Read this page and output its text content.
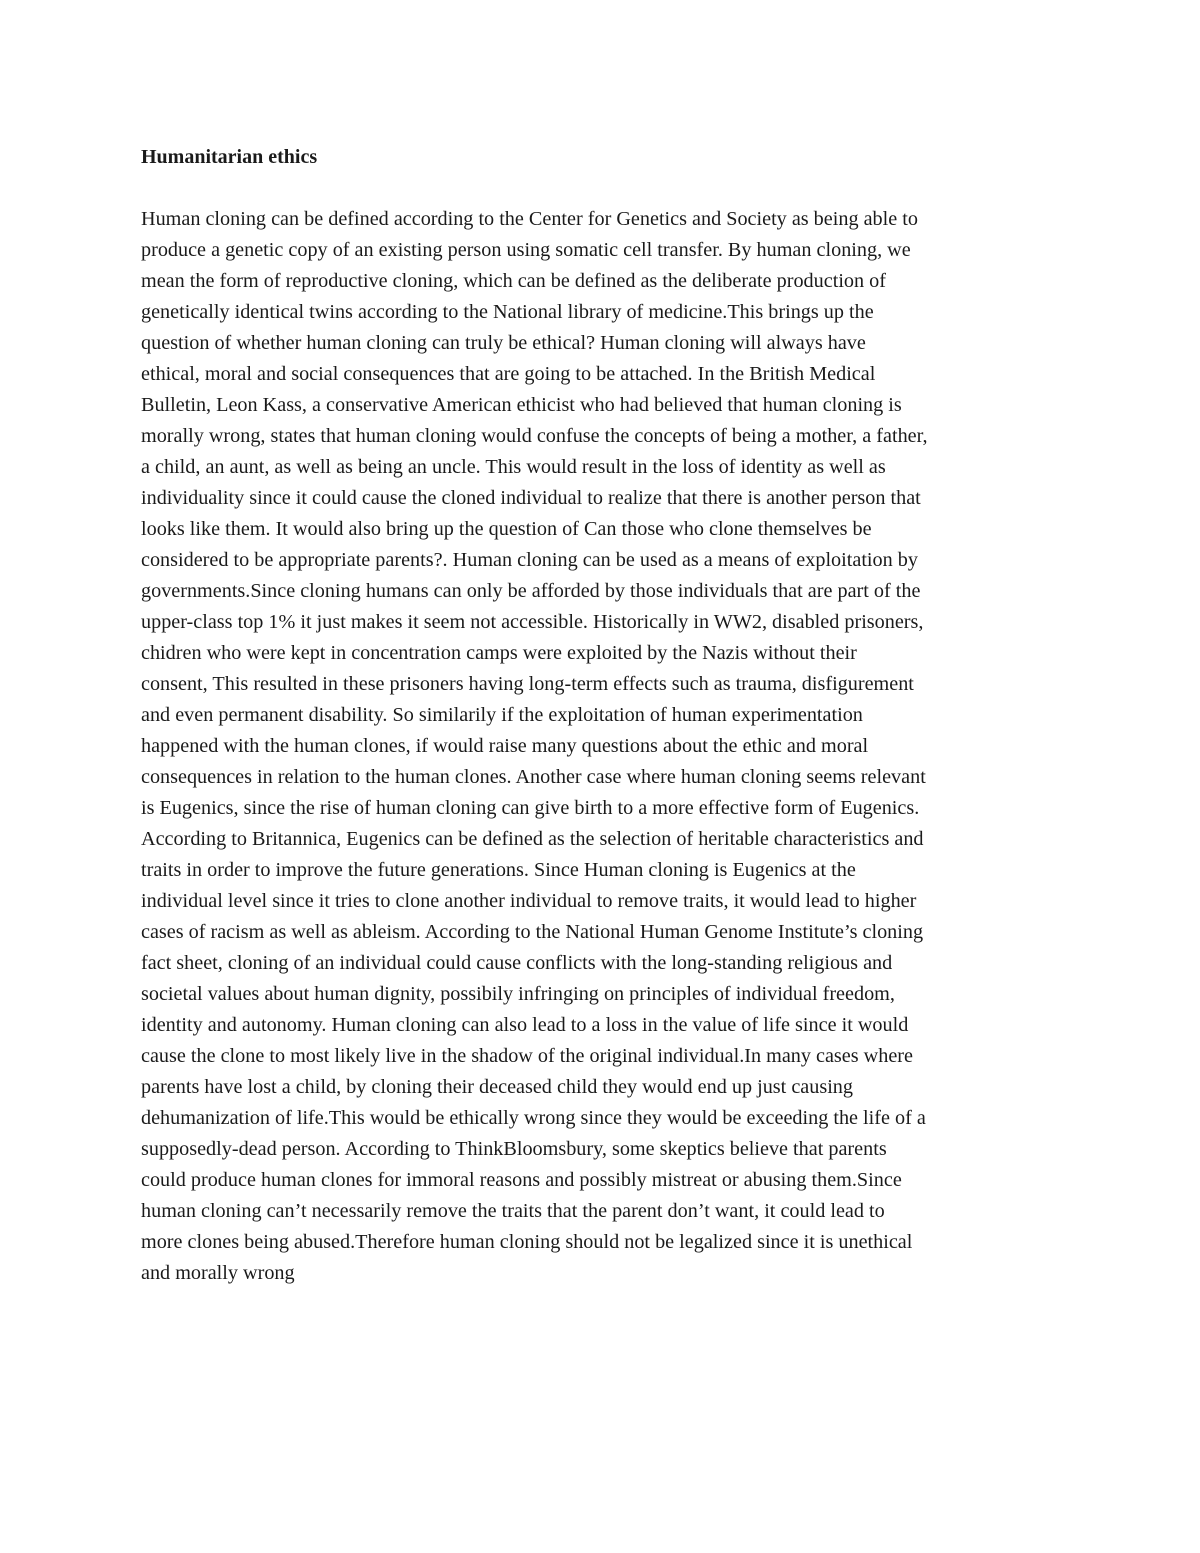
Humanitarian ethics

Human cloning can be defined according to the Center for Genetics and Society as being able to
produce a genetic copy of an existing person using somatic cell transfer. By human cloning, we
mean the form of reproductive cloning, which can be defined as the deliberate production of
genetically identical twins according to the National library of medicine.This brings up the
question of whether human cloning can truly be ethical? Human cloning will always have
ethical, moral and social consequences that are going to be attached. In the British Medical
Bulletin, Leon Kass, a conservative American ethicist who had believed that human cloning is
morally wrong, states that human cloning would confuse the concepts of being a mother, a father,
a child, an aunt, as well as being an uncle. This would result in the loss of identity as well as
individuality since it could cause the cloned individual to realize that there is another person that
looks like them. It would also bring up the question of Can those who clone themselves be
considered to be appropriate parents?. Human cloning can be used as a means of exploitation by
governments.Since cloning humans can only be afforded by those individuals that are part of the
upper-class top 1% it just makes it seem not accessible. Historically in WW2, disabled prisoners,
chidren who were kept in concentration camps were exploited by the Nazis without their
consent, This resulted in these prisoners having long-term effects such as trauma, disfigurement
and even permanent disability. So similarily if the exploitation of human experimentation
happened with the human clones, if would raise many questions about the ethic and moral
consequences in relation to the human clones. Another case where human cloning seems relevant
is Eugenics, since the rise of human cloning can give birth to a more effective form of Eugenics.
According to Britannica, Eugenics can be defined as the selection of heritable characteristics and
traits in order to improve the future generations. Since Human cloning is Eugenics at the
individual level since it tries to clone another individual to remove traits, it would lead to higher
cases of racism as well as ableism. According to the National Human Genome Institute’s cloning
fact sheet, cloning of an individual could cause conflicts with the long-standing religious and
societal values about human dignity, possibily infringing on principles of individual freedom,
identity and autonomy. Human cloning can also lead to a loss in the value of life since it would
cause the clone to most likely live in the shadow of the original individual.In many cases where
parents have lost a child, by cloning their deceased child they would end up just causing
dehumanization of life.This would be ethically wrong since they would be exceeding the life of a
supposedly-dead person. According to ThinkBloomsbury, some skeptics believe that parents
could produce human clones for immoral reasons and possibly mistreat or abusing them.Since
human cloning can’t necessarily remove the traits that the parent don’t want, it could lead to
more clones being abused.Therefore human cloning should not be legalized since it is unethical
and morally wrong
